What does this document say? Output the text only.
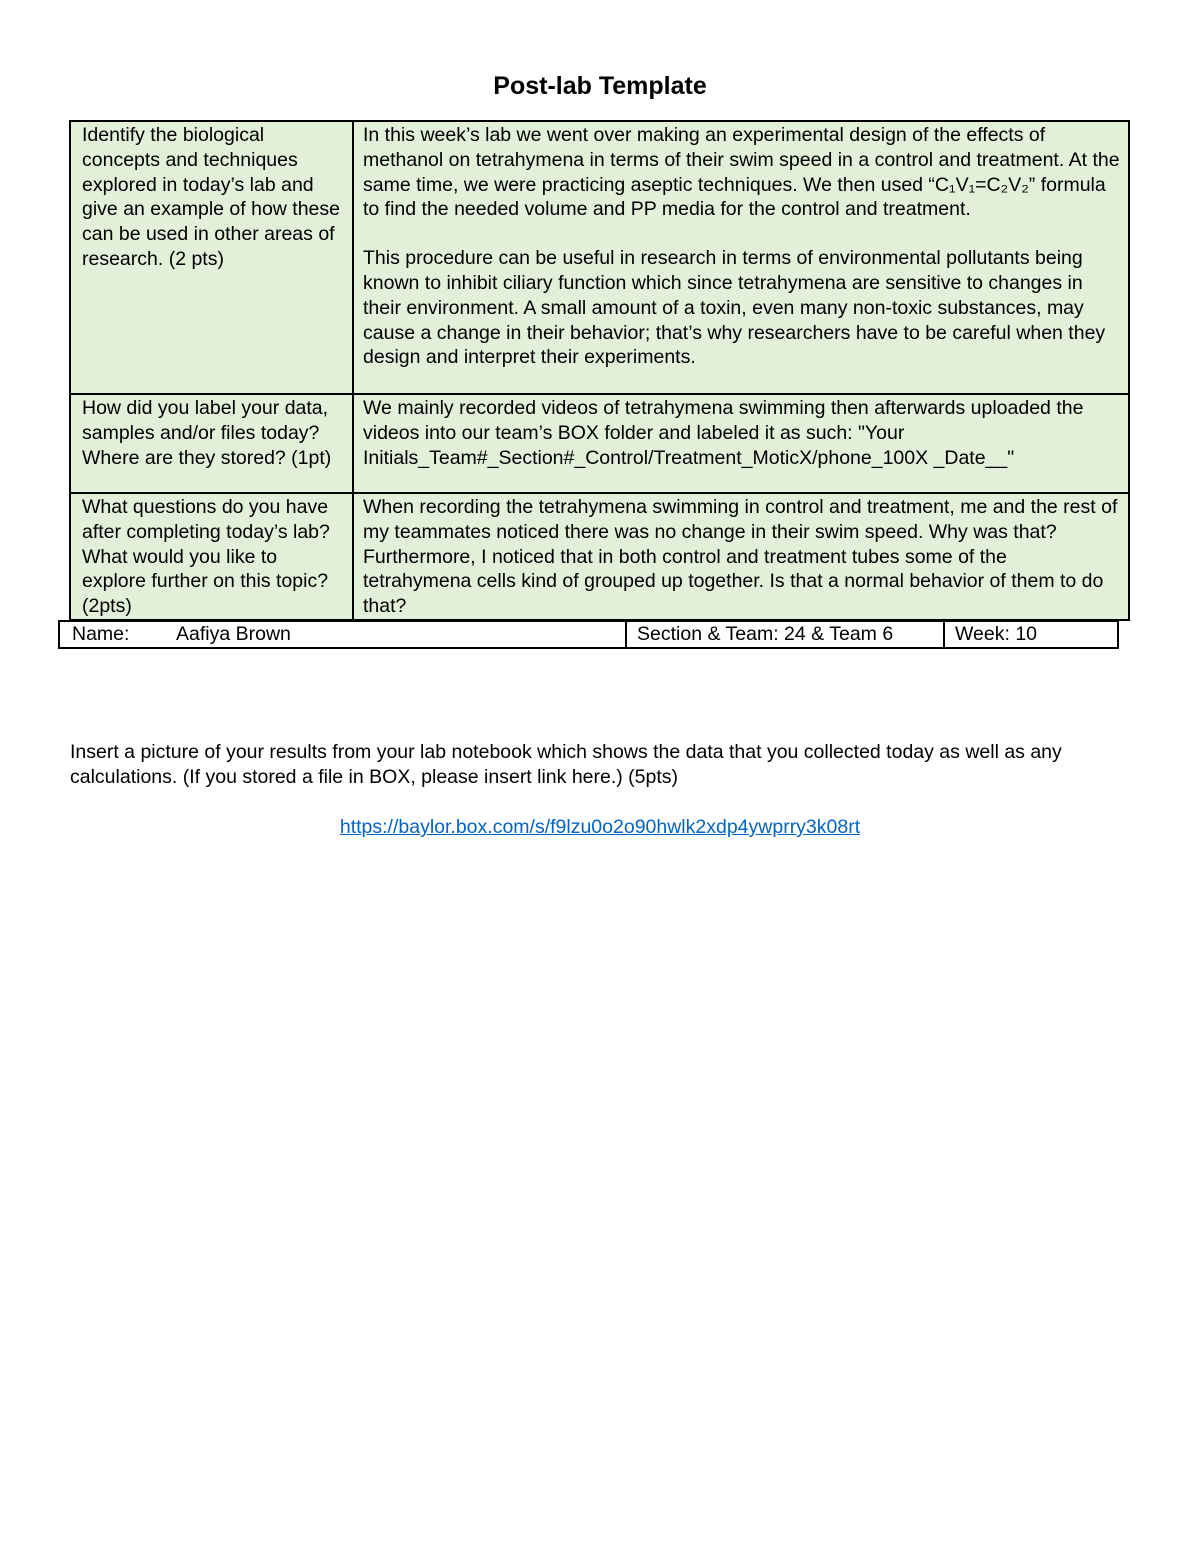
Post-lab Template
Identify the biological concepts and techniques explored in today’s lab and give an example of how these can be used in other areas of research. (2 pts)	In this week’s lab we went over making an experimental design of the effects of methanol on tetrahymena in terms of their swim speed in a control and treatment. At the same time, we were practicing aseptic techniques. We then used “C₁V₁=C₂V₂” formula to find the needed volume and PP media for the control and treatment.

This procedure can be useful in research in terms of environmental pollutants being known to inhibit ciliary function which since tetrahymena are sensitive to changes in their environment. A small amount of a toxin, even many non-toxic substances, may cause a change in their behavior; that’s why researchers have to be careful when they design and interpret their experiments.

How did you label your data, samples and/or files today? Where are they stored? (1pt)	We mainly recorded videos of tetrahymena swimming then afterwards uploaded the videos into our team’s BOX folder and labeled it as such: "Your Initials_Team#_Section#_Control/Treatment_MoticX/phone_100X _Date__"

What questions do you have after completing today’s lab? What would you like to explore further on this topic? (2pts)	When recording the tetrahymena swimming in control and treatment, me and the rest of my teammates noticed there was no change in their swim speed. Why was that? Furthermore, I noticed that in both control and treatment tubes some of the tetrahymena cells kind of grouped up together. Is that a normal behavior of them to do that?

Name: Aafiya Brown	Section & Team: 24 & Team 6	Week: 10
Insert a picture of your results from your lab notebook which shows the data that you collected today as well as any calculations. (If you stored a file in BOX, please insert link here.) (5pts)
https://baylor.box.com/s/f9lzu0o2o90hwlk2xdp4ywprry3k08rt
